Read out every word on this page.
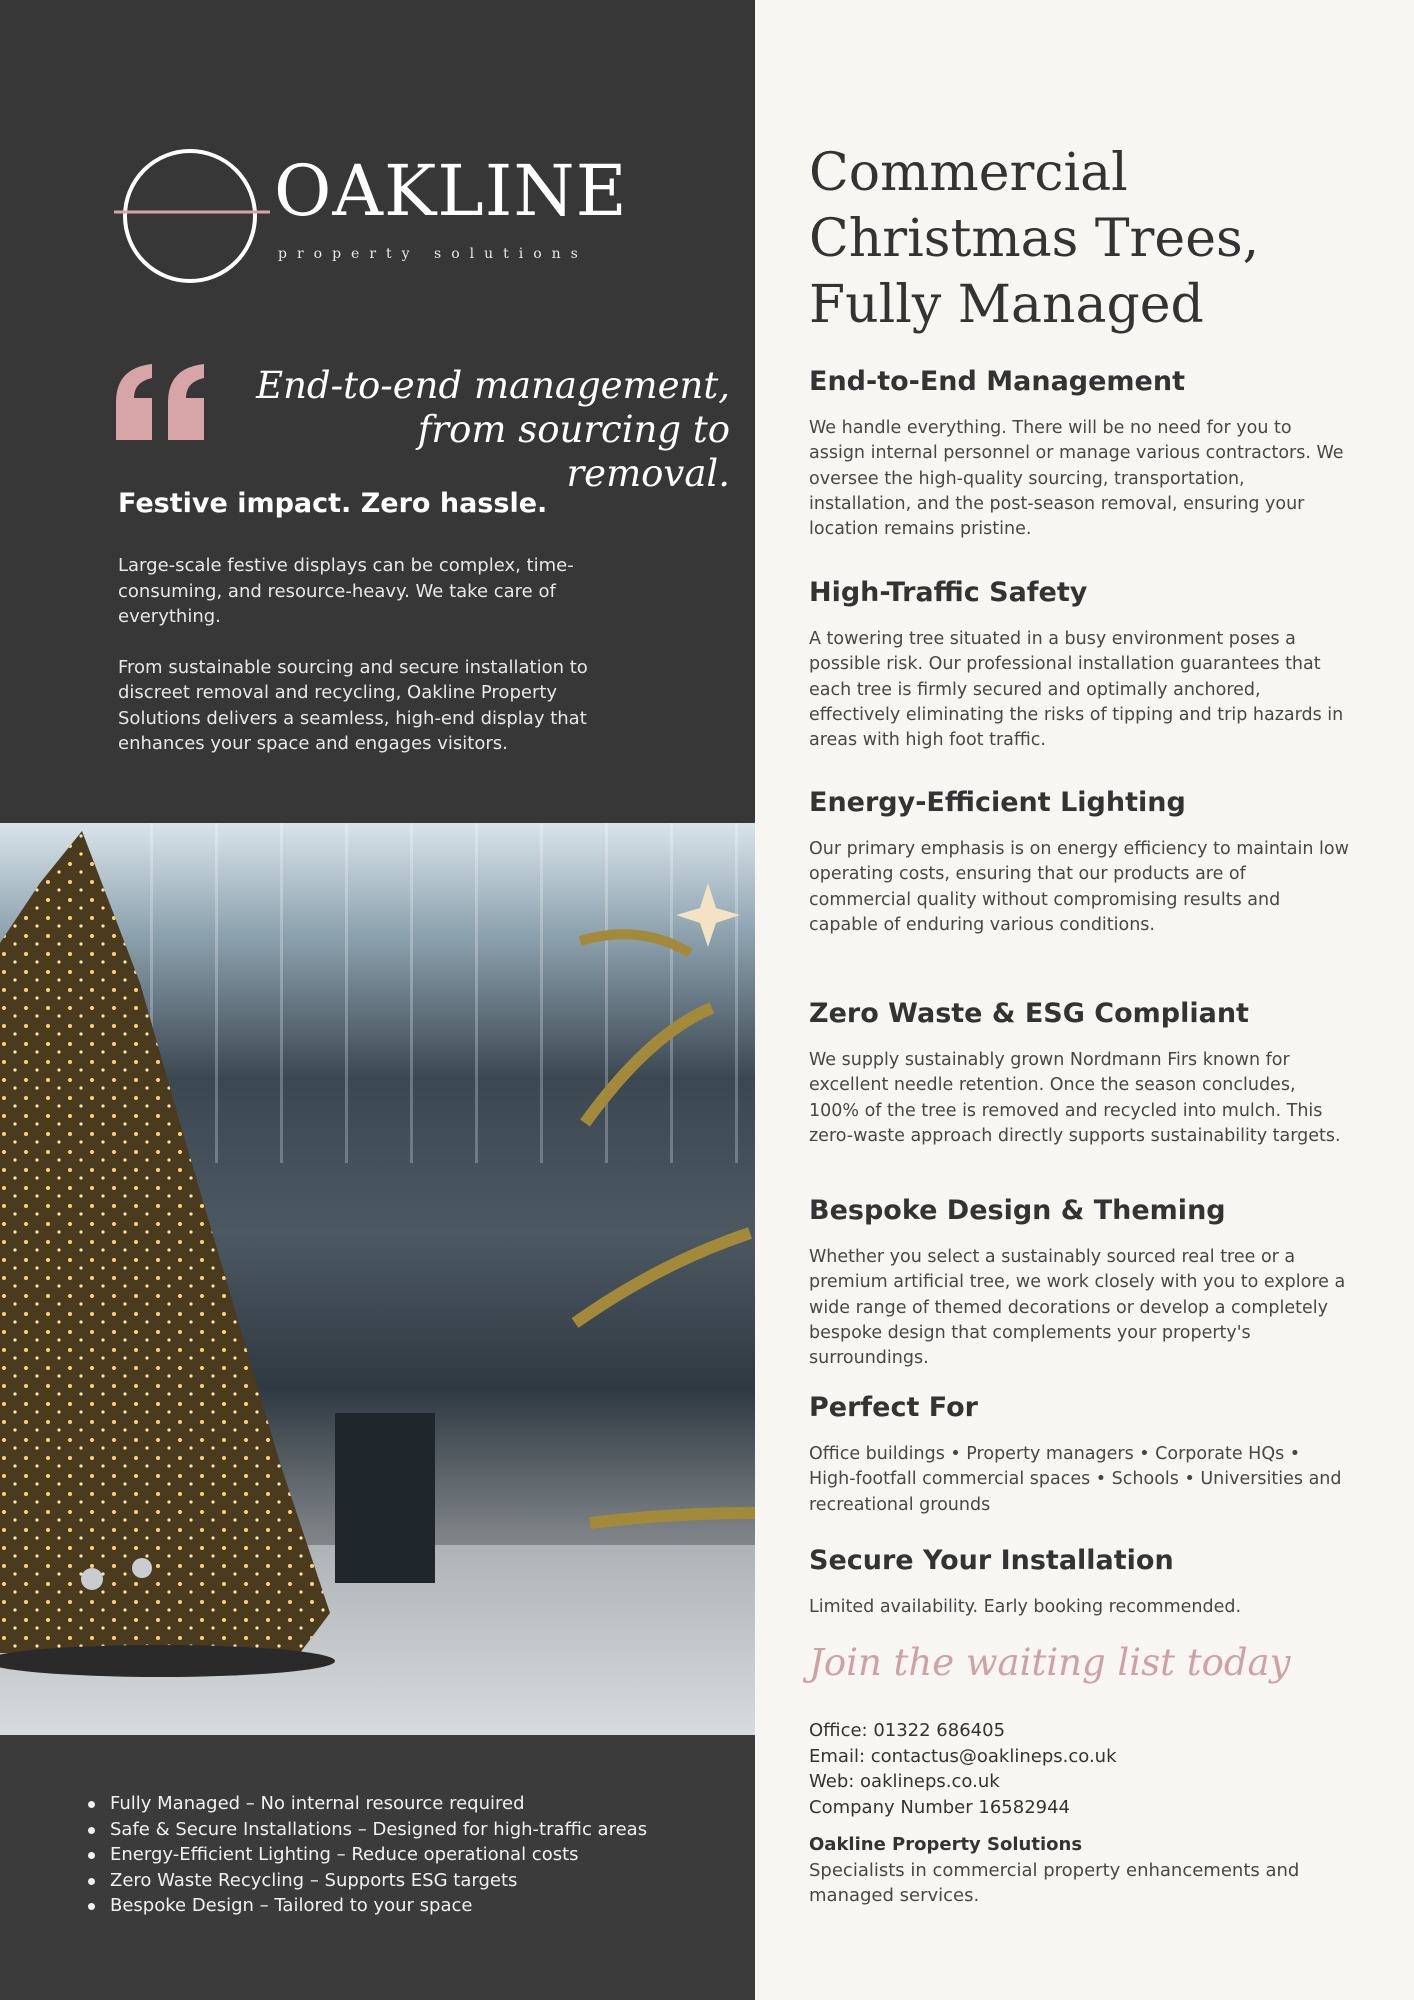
OAKLINE
property solutions
End-to-end management, from sourcing to removal.
Festive impact. Zero hassle.

Large-scale festive displays can be complex, time-consuming, and resource-heavy. We take care of everything.

From sustainable sourcing and secure installation to discreet removal and recycling, Oakline Property Solutions delivers a seamless, high-end display that enhances your space and engages visitors.

Fully Managed – No internal resource required
Safe & Secure Installations – Designed for high-traffic areas
Energy-Efficient Lighting – Reduce operational costs
Zero Waste Recycling – Supports ESG targets
Bespoke Design – Tailored to your space
Commercial Christmas Trees, Fully Managed
End-to-End Management

We handle everything. There will be no need for you to assign internal personnel or manage various contractors. We oversee the high-quality sourcing, transportation, installation, and the post-season removal, ensuring your location remains pristine.

High-Traffic Safety

A towering tree situated in a busy environment poses a possible risk. Our professional installation guarantees that each tree is firmly secured and optimally anchored, effectively eliminating the risks of tipping and trip hazards in areas with high foot traffic.

Energy-Efficient Lighting

Our primary emphasis is on energy efficiency to maintain low operating costs, ensuring that our products are of commercial quality without compromising results and capable of enduring various conditions.

Zero Waste & ESG Compliant

We supply sustainably grown Nordmann Firs known for excellent needle retention. Once the season concludes, 100% of the tree is removed and recycled into mulch. This zero-waste approach directly supports sustainability targets.

Bespoke Design & Theming

Whether you select a sustainably sourced real tree or a premium artificial tree, we work closely with you to explore a wide range of themed decorations or develop a completely bespoke design that complements your property's surroundings.

Perfect For

Office buildings • Property managers • Corporate HQs • High-footfall commercial spaces • Schools • Universities and recreational grounds

Secure Your Installation

Limited availability. Early booking recommended.

Join the waiting list today
Office: 01322 686405
Email: contactus@oaklineps.co.uk
Web: oaklineps.co.uk
Company Number 16582944
Oakline Property Solutions
Specialists in commercial property enhancements and managed services.
